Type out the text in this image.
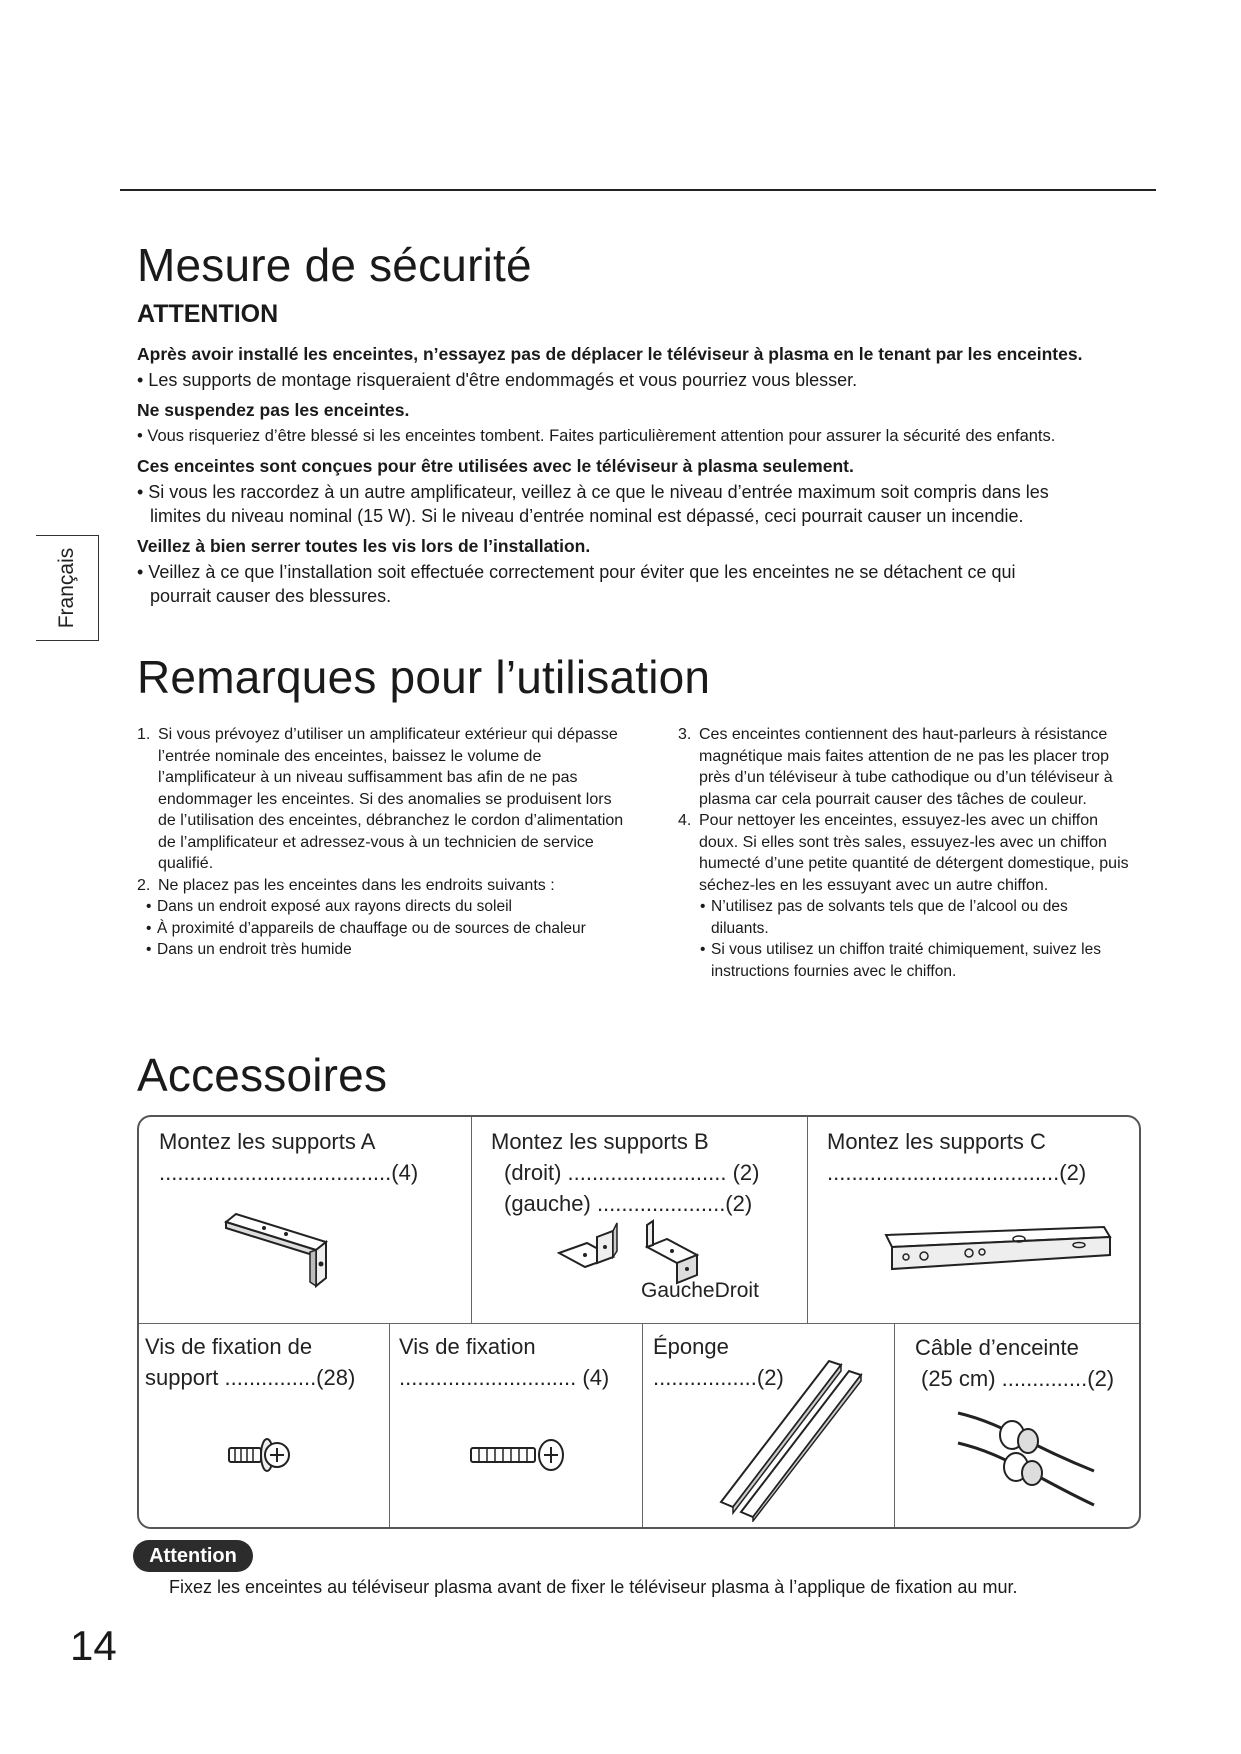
Français
Mesure de sécurité
ATTENTION
Après avoir installé les enceintes, n’essayez pas de déplacer le téléviseur à plasma en le tenant par les enceintes.
• Les supports de montage risqueraient d'être endommagés et vous pourriez vous blesser.
Ne suspendez pas les enceintes.
• Vous risqueriez d’être blessé si les enceintes tombent. Faites particulièrement attention pour assurer la sécurité des enfants.
Ces enceintes sont conçues pour être utilisées avec le téléviseur à plasma seulement.
• Si vous les raccordez à un autre amplificateur, veillez à ce que le niveau d’entrée maximum soit compris dans les
limites du niveau nominal (15 W). Si le niveau d’entrée nominal est dépassé, ceci pourrait causer un incendie.
Veillez à bien serrer toutes les vis lors de l’installation.
• Veillez à ce que l’installation soit effectuée correctement pour éviter que les enceintes ne se détachent ce qui
pourrait causer des blessures.
Remarques pour l’utilisation
1. Si vous prévoyez d’utiliser un amplificateur extérieur qui dépasse l’entrée nominale des enceintes, baissez le volume de l’amplificateur à un niveau suffisamment bas afin de ne pas endommager les enceintes. Si des anomalies se produisent lors de l’utilisation des enceintes, débranchez le cordon d’alimentation de l’amplificateur et adressez-vous à un technicien de service qualifié.
2. Ne placez pas les enceintes dans les endroits suivants :
• Dans un endroit exposé aux rayons directs du soleil
• À proximité d’appareils de chauffage ou de sources de chaleur
• Dans un endroit très humide
3. Ces enceintes contiennent des haut-parleurs à résistance magnétique mais faites attention de ne pas les placer trop près d’un téléviseur à tube cathodique ou d’un téléviseur à plasma car cela pourrait causer des tâches de couleur.
4. Pour nettoyer les enceintes, essuyez-les avec un chiffon doux. Si elles sont très sales, essuyez-les avec un chiffon humecté d’une petite quantité de détergent domestique, puis séchez-les en les essuyant avec un autre chiffon.
• N’utilisez pas de solvants tels que de l’alcool ou des diluants.
• Si vous utilisez un chiffon traité chimiquement, suivez les instructions fournies avec le chiffon.
Accessoires
Montez les supports A
......................................(4)
Montez les supports B
(droit) .......................... (2)
(gauche) .....................(2)
GaucheDroit
Montez les supports C
......................................(2)
Vis de fixation de
support ...............(28)
Vis de fixation
............................. (4)
Éponge
.................(2)
Câble d’enceinte
(25 cm) ..............(2)
Attention
Fixez les enceintes au téléviseur plasma avant de fixer le téléviseur plasma à l’applique de fixation au mur.
14
